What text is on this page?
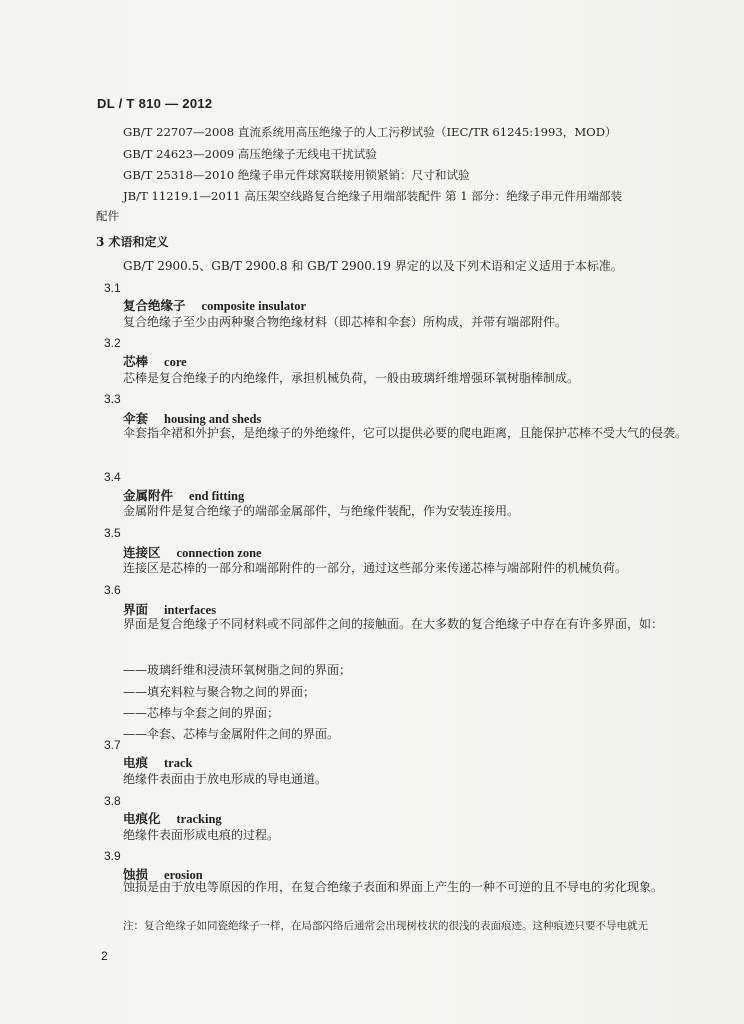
DL / T 810 — 2012
GB/T 22707—2008 直流系统用高压绝缘子的人工污秽试验（IEC/TR 61245:1993，MOD）
GB/T 24623—2009 高压绝缘子无线电干扰试验
GB/T 25318—2010 绝缘子串元件球窝联接用锁紧销：尺寸和试验
JB/T 11219.1—2011 高压架空线路复合绝缘子用端部装配件 第 1 部分：绝缘子串元件用端部装
配件
3 术语和定义
GB/T 2900.5、GB/T 2900.8 和 GB/T 2900.19 界定的以及下列术语和定义适用于本标准。
3.1
复合绝缘子 composite insulator
复合绝缘子至少由两种聚合物绝缘材料（即芯棒和伞套）所构成，并带有端部附件。
3.2
芯棒 core
芯棒是复合绝缘子的内绝缘件，承担机械负荷，一般由玻璃纤维增强环氧树脂棒制成。
3.3
伞套 housing and sheds
伞套指伞裙和外护套，是绝缘子的外绝缘件，它可以提供必要的爬电距离，且能保护芯棒不受大气的侵袭。
3.4
金属附件 end fitting
金属附件是复合绝缘子的端部金属部件，与绝缘件装配，作为安装连接用。
3.5
连接区 connection zone
连接区是芯棒的一部分和端部附件的一部分，通过这些部分来传递芯棒与端部附件的机械负荷。
3.6
界面 interfaces
界面是复合绝缘子不同材料或不同部件之间的接触面。在大多数的复合绝缘子中存在有许多界面，如：
——玻璃纤维和浸渍环氧树脂之间的界面；
——填充料粒与聚合物之间的界面；
——芯棒与伞套之间的界面；
——伞套、芯棒与金属附件之间的界面。
3.7
电痕 track
绝缘件表面由于放电形成的导电通道。
3.8
电痕化 tracking
绝缘件表面形成电痕的过程。
3.9
蚀损 erosion
蚀损是由于放电等原因的作用，在复合绝缘子表面和界面上产生的一种不可逆的且不导电的劣化现象。
注：复合绝缘子如同瓷绝缘子一样，在局部闪络后通常会出现树枝状的很浅的表面痕迹。这种痕迹只要不导电就无
2
